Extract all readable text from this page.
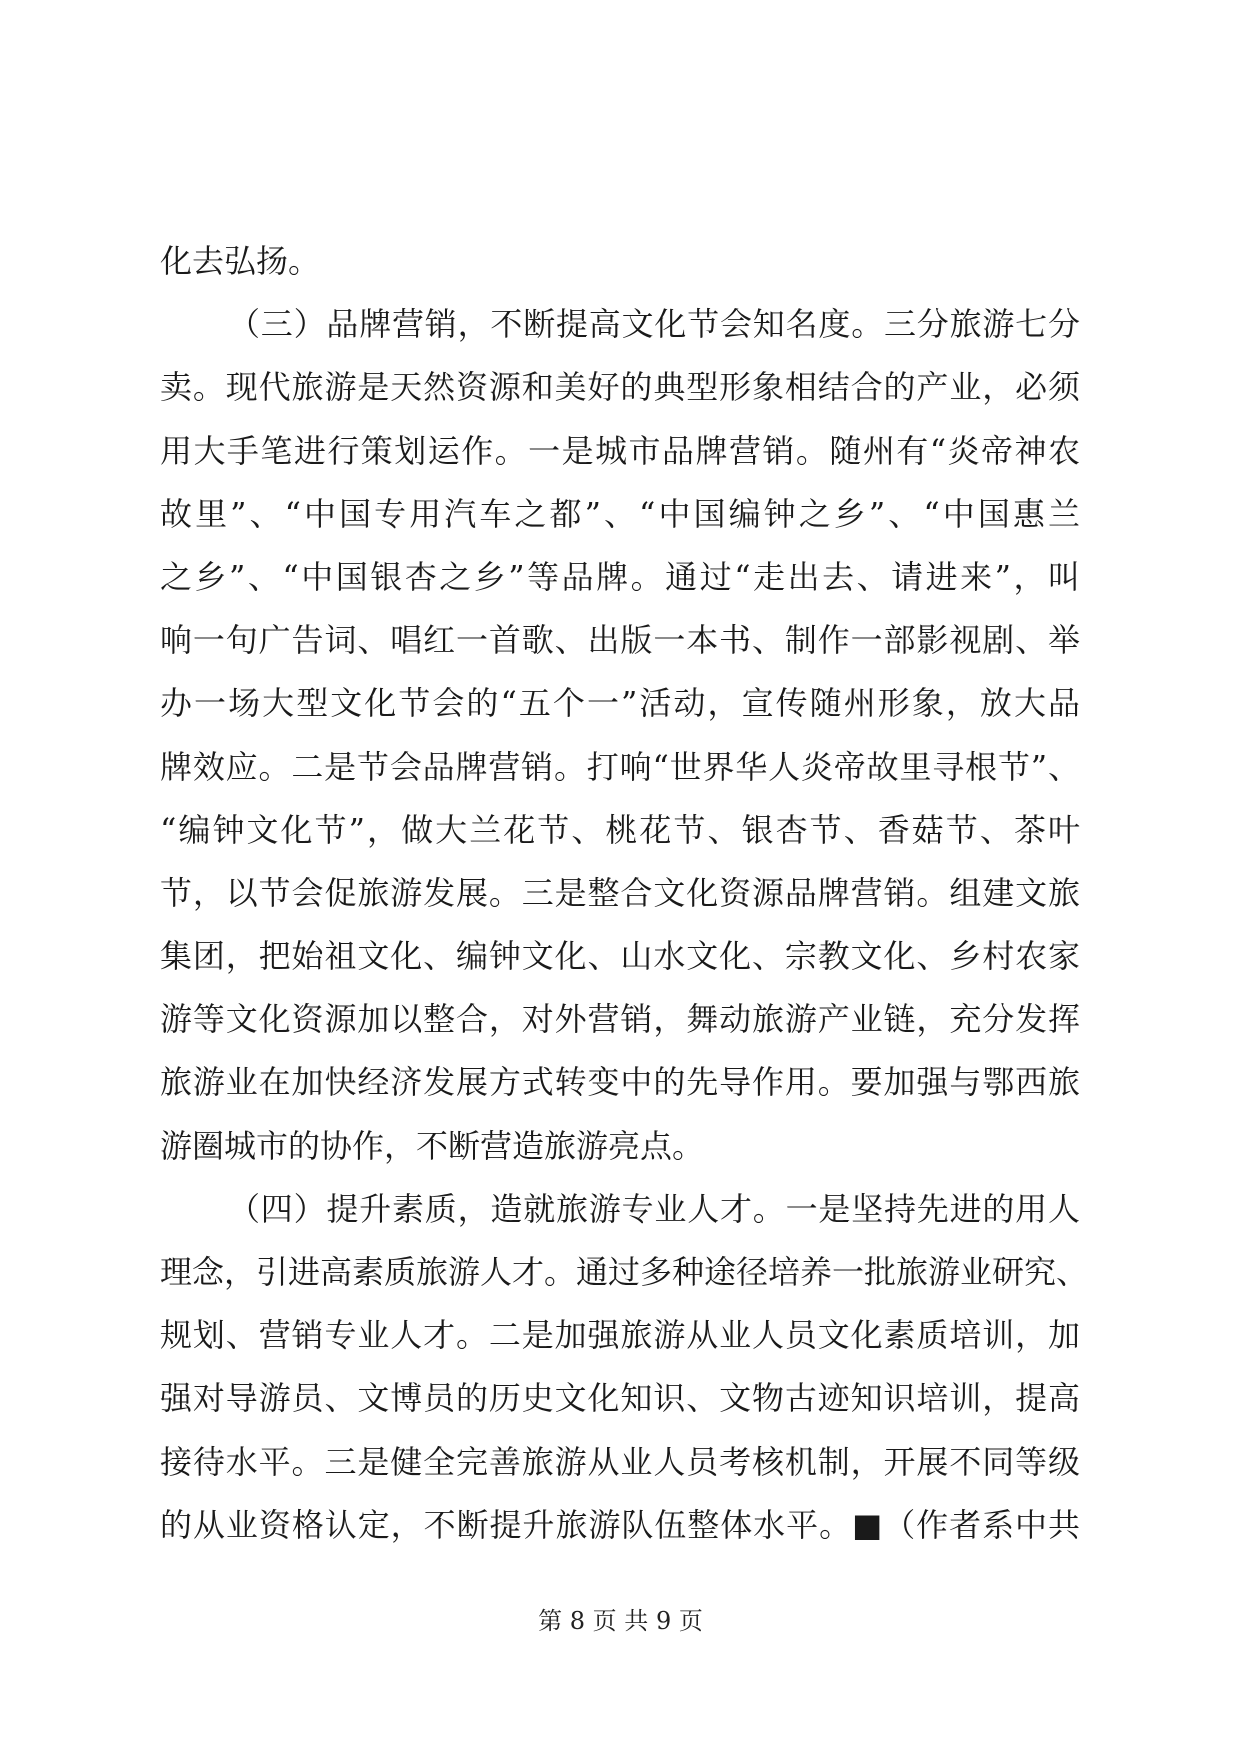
化去弘扬。
（三）品牌营销，不断提高文化节会知名度。三分旅游七分
卖。现代旅游是天然资源和美好的典型形象相结合的产业，必须
用大手笔进行策划运作。一是城市品牌营销。随州有“炎帝神农
故里”、“中国专用汽车之都”、“中国编钟之乡”、“中国惠兰
之乡”、“中国银杏之乡”等品牌。通过“走出去、请进来”，叫
响一句广告词、唱红一首歌、出版一本书、制作一部影视剧、举
办一场大型文化节会的“五个一”活动，宣传随州形象，放大品
牌效应。二是节会品牌营销。打响“世界华人炎帝故里寻根节”、
“编钟文化节”，做大兰花节、桃花节、银杏节、香菇节、茶叶
节，以节会促旅游发展。三是整合文化资源品牌营销。组建文旅
集团，把始祖文化、编钟文化、山水文化、宗教文化、乡村农家
游等文化资源加以整合，对外营销，舞动旅游产业链，充分发挥
旅游业在加快经济发展方式转变中的先导作用。要加强与鄂西旅
游圈城市的协作，不断营造旅游亮点。
（四）提升素质，造就旅游专业人才。一是坚持先进的用人
理念，引进高素质旅游人才。通过多种途径培养一批旅游业研究、
规划、营销专业人才。二是加强旅游从业人员文化素质培训，加
强对导游员、文博员的历史文化知识、文物古迹知识培训，提高
接待水平。三是健全完善旅游从业人员考核机制，开展不同等级
的从业资格认定，不断提升旅游队伍整体水平。■（作者系中共
第 8 页 共 9 页
